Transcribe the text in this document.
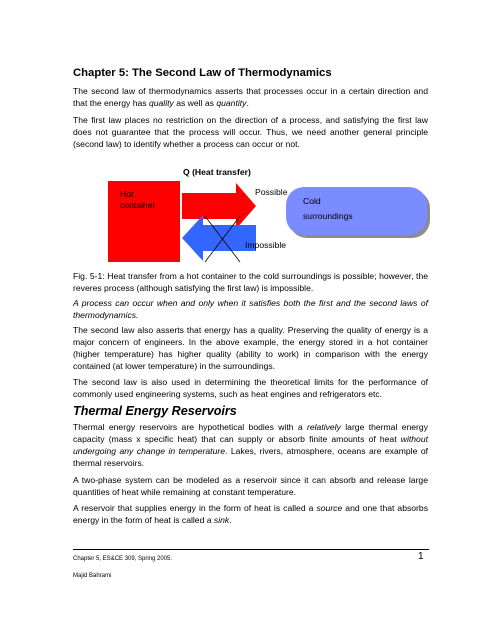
Chapter 5: The Second Law of Thermodynamics

The second law of thermodynamics asserts that processes occur in a certain direction and that the energy has quality as well as quantity.

The first law places no restriction on the direction of a process, and satisfying the first law does not guarantee that the process will occur. Thus, we need another general principle (second law) to identify whether a process can occur or not.

Q (Heat transfer)
Hot container
Possible
Impossible
Cold
surroundings

Fig. 5-1: Heat transfer from a hot container to the cold surroundings is possible; however, the reveres process (although satisfying the first law) is impossible.

A process can occur when and only when it satisfies both the first and the second laws of thermodynamics.

The second law also asserts that energy has a quality. Preserving the quality of energy is a major concern of engineers. In the above example, the energy stored in a hot container (higher temperature) has higher quality (ability to work) in comparison with the energy contained (at lower temperature) in the surroundings.

The second law is also used in determining the theoretical limits for the performance of commonly used engineering systems, such as heat engines and refrigerators etc.

Thermal Energy Reservoirs

Thermal energy reservoirs are hypothetical bodies with a relatively large thermal energy capacity (mass x specific heat) that can supply or absorb finite amounts of heat without undergoing any change in temperature. Lakes, rivers, atmosphere, oceans are example of thermal reservoirs.

A two-phase system can be modeled as a reservoir since it can absorb and release large quantities of heat while remaining at constant temperature.

A reservoir that supplies energy in the form of heat is called a source and one that absorbs energy in the form of heat is called a sink.

Chapter 5, ES&CE 309, Spring 2005.
Majid Bahrami
1
